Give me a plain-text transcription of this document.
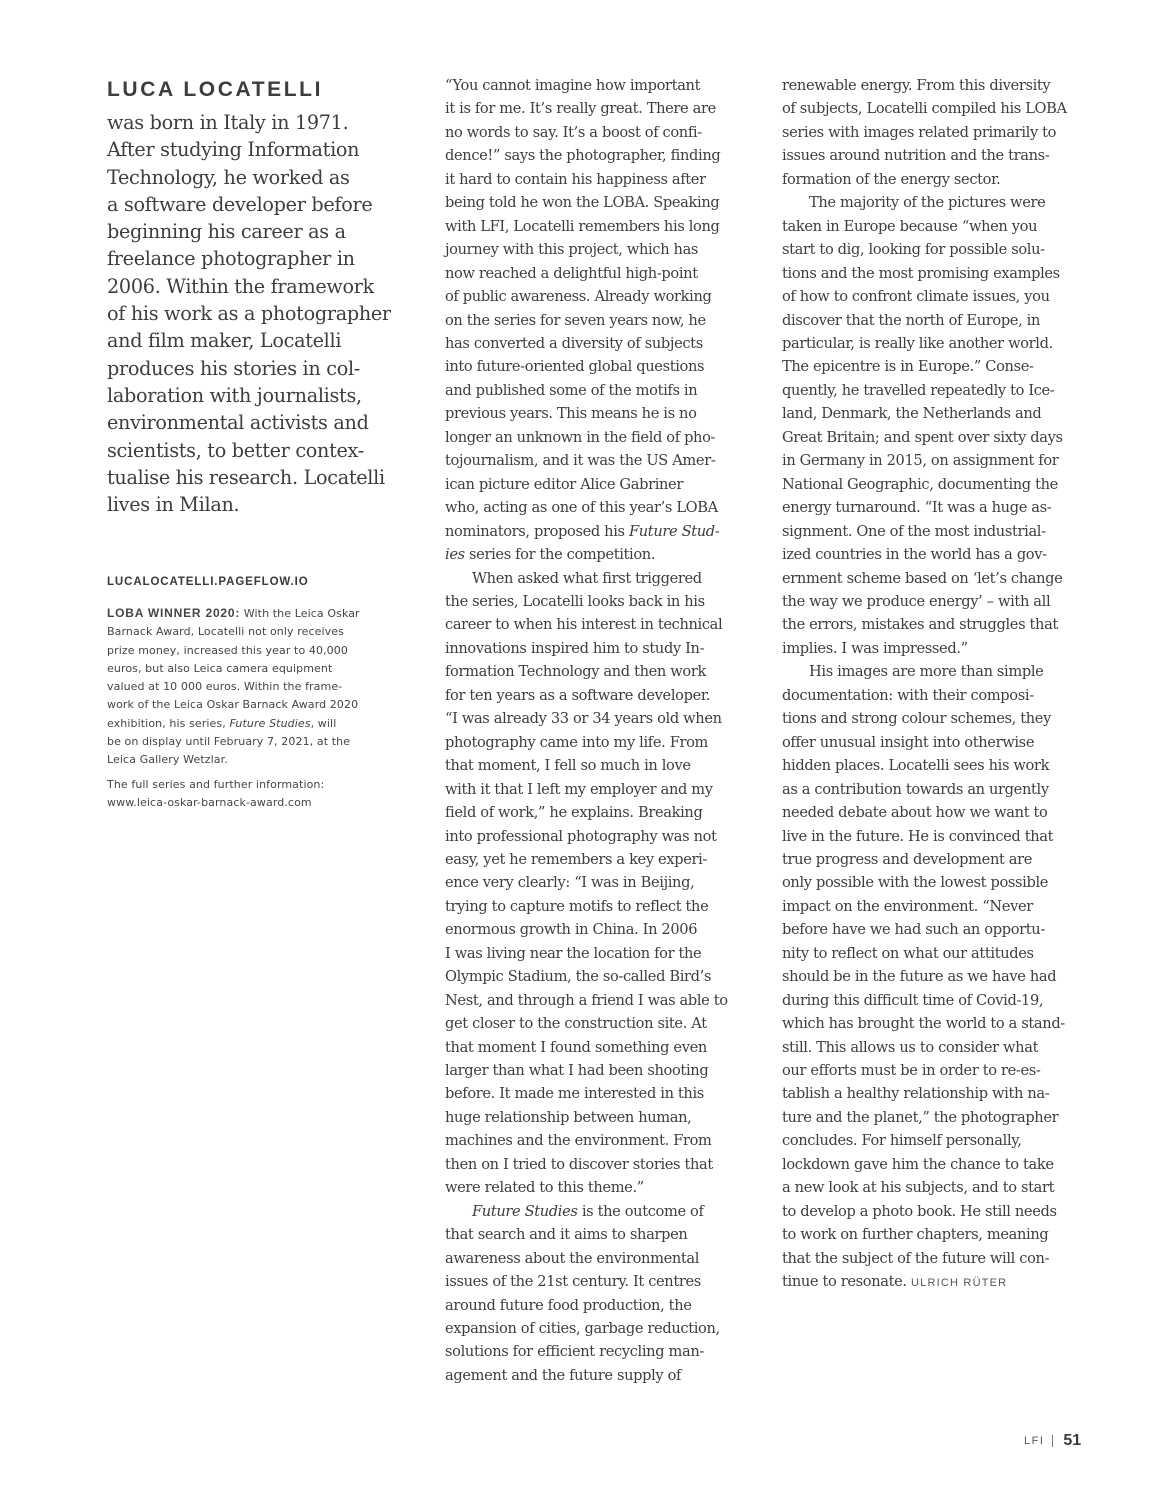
LUCA LOCATELLI
was born in Italy in 1971.
After studying Information
Technology, he worked as
a software developer before
beginning his career as a
freelance photographer in
2006. Within the framework
of his work as a photographer
and film maker, Locatelli
produces his stories in col-
laboration with journalists,
environmental activists and
scientists, to better contex-
tualise his research. Locatelli
lives in Milan.
LUCALOCATELLI.PAGEFLOW.IO

LOBA WINNER 2020: With the Leica Oskar
Barnack Award, Locatelli not only receives
prize money, increased this year to 40,000
euros, but also Leica camera equipment
valued at 10 000 euros. Within the frame-
work of the Leica Oskar Barnack Award 2020
exhibition, his series, Future Studies, will
be on display until February 7, 2021, at the
Leica Gallery Wetzlar.

The full series and further information:
www.leica-oskar-barnack-award.com

“You cannot imagine how important
it is for me. It’s really great. There are
no words to say. It’s a boost of confi-
dence!” says the photographer, finding
it hard to contain his happiness after
being told he won the LOBA. Speaking
with LFI, Locatelli remembers his long
journey with this project, which has
now reached a delightful high-point
of public awareness. Already working
on the series for seven years now, he
has converted a diversity of subjects
into future-oriented global questions
and published some of the motifs in
previous years. This means he is no
longer an unknown in the field of pho-
tojournalism, and it was the US Amer-
ican picture editor Alice Gabriner
who, acting as one of this year’s LOBA
nominators, proposed his Future Stud-
ies series for the competition.
When asked what first triggered
the series, Locatelli looks back in his
career to when his interest in technical
innovations inspired him to study In-
formation Technology and then work
for ten years as a software developer.
“I was already 33 or 34 years old when
photography came into my life. From
that moment, I fell so much in love
with it that I left my employer and my
field of work,” he explains. Breaking
into professional photography was not
easy, yet he remembers a key experi-
ence very clearly: “I was in Beijing,
trying to capture motifs to reflect the
enormous growth in China. In 2006
I was living near the location for the
Olympic Stadium, the so-called Bird’s
Nest, and through a friend I was able to
get closer to the construction site. At
that moment I found something even
larger than what I had been shooting
before. It made me interested in this
huge relationship between human,
machines and the environment. From
then on I tried to discover stories that
were related to this theme.”
Future Studies is the outcome of
that search and it aims to sharpen
awareness about the environmental
issues of the 21st century. It centres
around future food production, the
expansion of cities, garbage reduction,
solutions for efficient recycling man-
agement and the future supply of
renewable energy. From this diversity
of subjects, Locatelli compiled his LOBA
series with images related primarily to
issues around nutrition and the trans-
formation of the energy sector.
The majority of the pictures were
taken in Europe because “when you
start to dig, looking for possible solu-
tions and the most promising examples
of how to confront climate issues, you
discover that the north of Europe, in
particular, is really like another world.
The epicentre is in Europe.” Conse-
quently, he travelled repeatedly to Ice-
land, Denmark, the Netherlands and
Great Britain; and spent over sixty days
in Germany in 2015, on assignment for
National Geographic, documenting the
energy turnaround. “It was a huge as-
signment. One of the most industrial-
ized countries in the world has a gov-
ernment scheme based on ‘let’s change
the way we produce energy’ – with all
the errors, mistakes and struggles that
implies. I was impressed.”
His images are more than simple
documentation: with their composi-
tions and strong colour schemes, they
offer unusual insight into otherwise
hidden places. Locatelli sees his work
as a contribution towards an urgently
needed debate about how we want to
live in the future. He is convinced that
true progress and development are
only possible with the lowest possible
impact on the environment. “Never
before have we had such an opportu-
nity to reflect on what our attitudes
should be in the future as we have had
during this difficult time of Covid-19,
which has brought the world to a stand-
still. This allows us to consider what
our efforts must be in order to re-es-
tablish a healthy relationship with na-
ture and the planet,” the photographer
concludes. For himself personally,
lockdown gave him the chance to take
a new look at his subjects, and to start
to develop a photo book. He still needs
to work on further chapters, meaning
that the subject of the future will con-
tinue to resonate. ULRICH RÜTER
LFI 51
